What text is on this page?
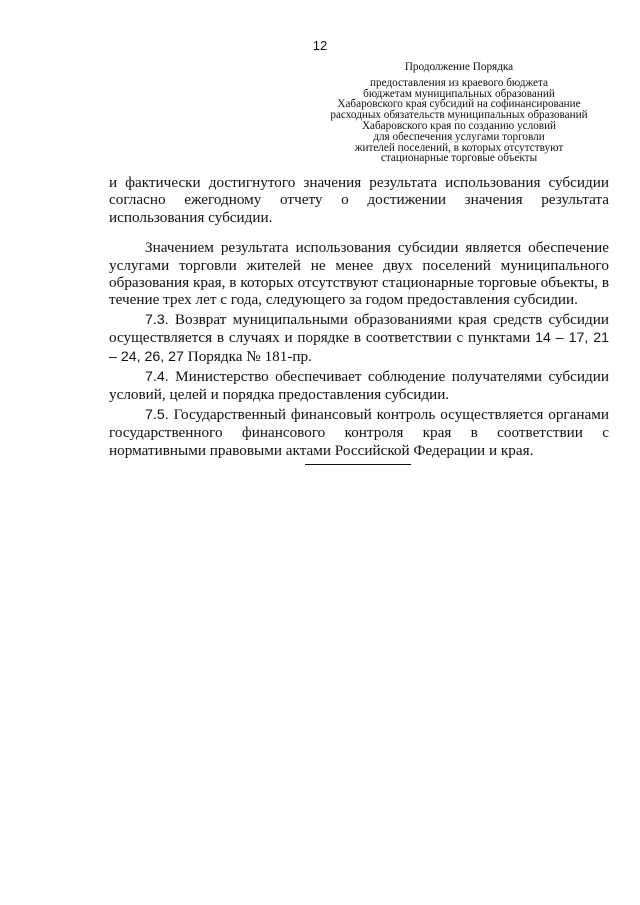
12
Продолжение Порядка
предоставления из краевого бюджета
бюджетам муниципальных образований
Хабаровского края субсидий на софинансирование
расходных обязательств муниципальных образований
Хабаровского края по созданию условий
для обеспечения услугами торговли
жителей поселений, в которых отсутствуют
стационарные торговые объекты

и фактически достигнутого значения результата использования субсидии согласно ежегодному отчету о достижении значения результата использования субсидии.

Значением результата использования субсидии является обеспечение услугами торговли жителей не менее двух поселений муниципального образования края, в которых отсутствуют стационарные торговые объекты, в течение трех лет с года, следующего за годом предоставления субсидии.

7.3. Возврат муниципальными образованиями края средств субсидии осуществляется в случаях и порядке в соответствии с пунктами 14 – 17, 21 – 24, 26, 27 Порядка № 181-пр.

7.4. Министерство обеспечивает соблюдение получателями субсидии условий, целей и порядка предоставления субсидии.

7.5. Государственный финансовый контроль осуществляется органами государственного финансового контроля края в соответствии с нормативными правовыми актами Российской Федерации и края.
